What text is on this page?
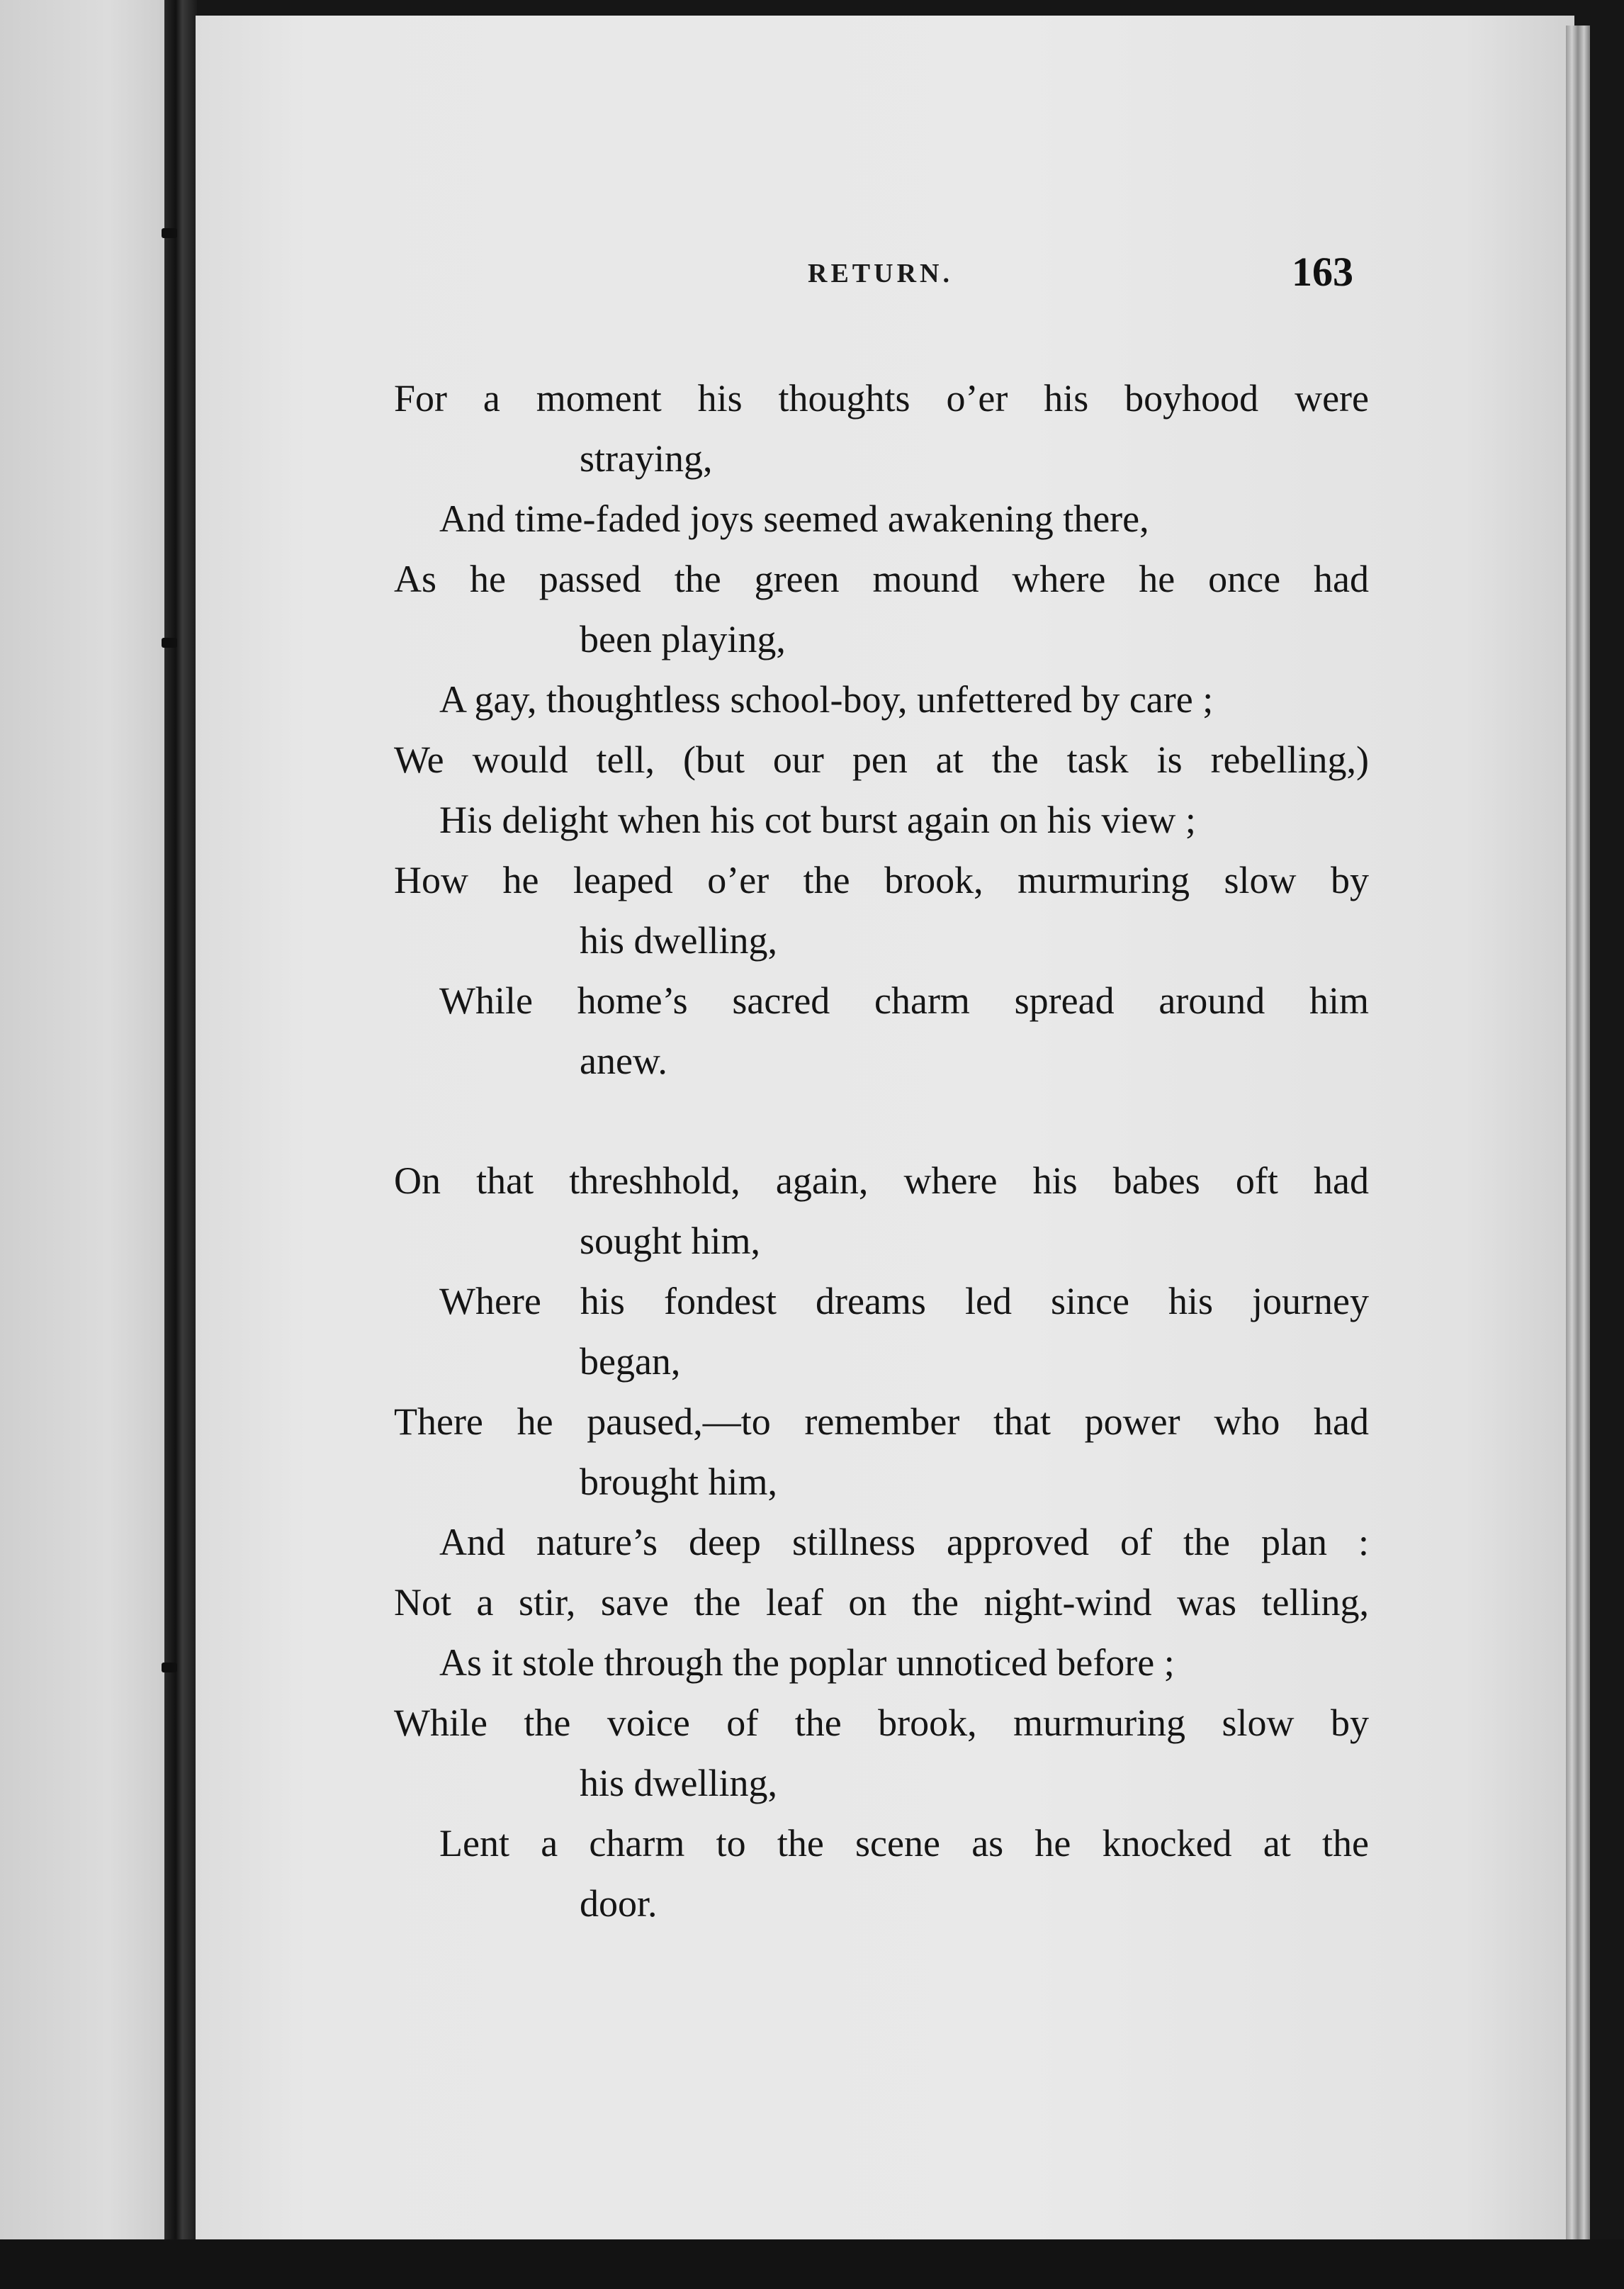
RETURN.	163
For a moment his thoughts o’er his boyhood were
straying,
And time-faded joys seemed awakening there,
As he passed the green mound where he once had
been playing,
A gay, thoughtless school-boy, unfettered by care ;
We would tell, (but our pen at the task is rebelling,)
His delight when his cot burst again on his view ;
How he leaped o’er the brook, murmuring slow by
his dwelling,
While home’s sacred charm spread around him
anew.
On that threshhold, again, where his babes oft had
sought him,
Where his fondest dreams led since his journey
began,
There he paused,—to remember that power who had
brought him,
And nature’s deep stillness approved of the plan :
Not a stir, save the leaf on the night-wind was telling,
As it stole through the poplar unnoticed before ;
While the voice of the brook, murmuring slow by
his dwelling,
Lent a charm to the scene as he knocked at the
door.
